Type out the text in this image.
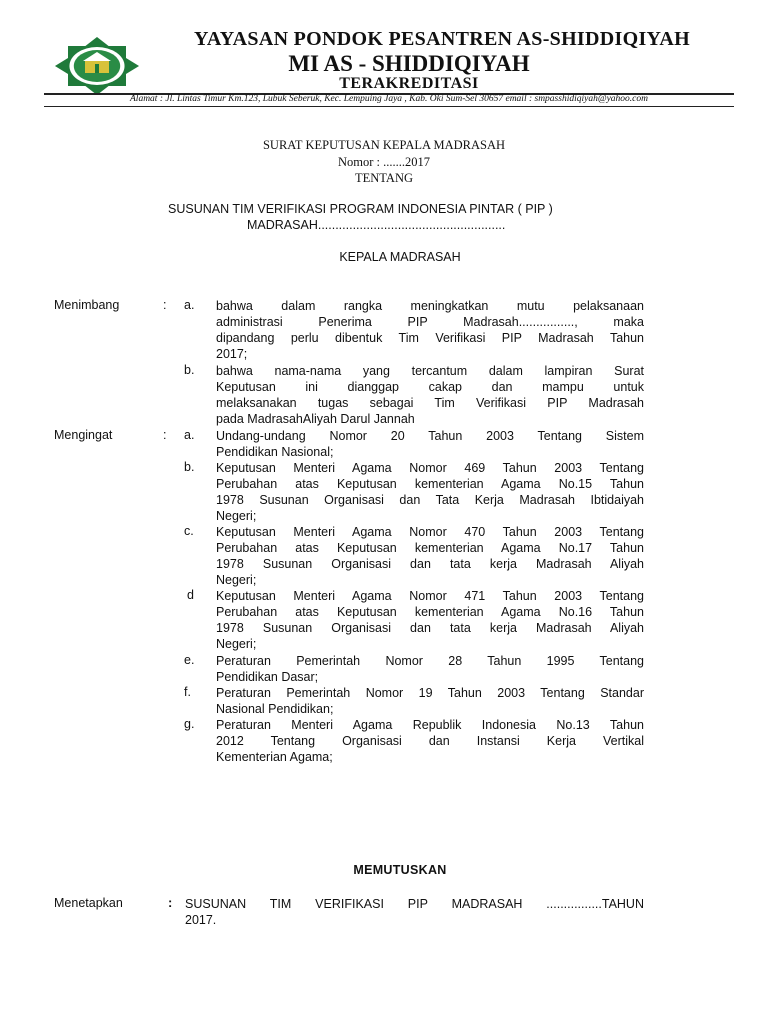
YAYASAN PONDOK PESANTREN AS-SHIDDIQIYAH
MI AS - SHIDDIQIYAH
TERAKREDITASI
Alamat : Jl. Lintas Timur Km.123, Lubuk Seberuk, Kec. Lempuing Jaya , Kab. Oki Sum-Sel 30657 email : smpasshidiqiyah@yahoo.com
SURAT KEPUTUSAN KEPALA MADRASAH
Nomor : .......2017
TENTANG
SUSUNAN TIM VERIFIKASI PROGRAM INDONESIA PINTAR ( PIP )
MADRASAH......................................................
KEPALA MADRASAH
Menimbang	: a. bahwa dalam rangka meningkatkan mutu pelaksanaan
administrasi Penerima PIP Madrasah................, maka
dipandang perlu dibentuk Tim Verifikasi PIP Madrasah Tahun
2017;
b. bahwa nama-nama yang tercantum dalam lampiran Surat
Keputusan ini dianggap cakap dan mampu untuk
melaksanakan tugas sebagai Tim Verifikasi PIP Madrasah
pada MadrasahAliyah Darul Jannah
Mengingat	: a. Undang-undang Nomor 20 Tahun 2003 Tentang Sistem
Pendidikan Nasional;
b. Keputusan Menteri Agama Nomor 469 Tahun 2003 Tentang
Perubahan atas Keputusan kementerian Agama No.15 Tahun
1978 Susunan Organisasi dan Tata Kerja Madrasah Ibtidaiyah
Negeri;
c. Keputusan Menteri Agama Nomor 470 Tahun 2003 Tentang
Perubahan atas Keputusan kementerian Agama No.17 Tahun
1978 Susunan Organisasi dan tata kerja Madrasah Aliyah
Negeri;
d Keputusan Menteri Agama Nomor 471 Tahun 2003 Tentang
Perubahan atas Keputusan kementerian Agama No.16 Tahun
1978 Susunan Organisasi dan tata kerja Madrasah Aliyah
Negeri;
e. Peraturan Pemerintah Nomor 28 Tahun 1995 Tentang
Pendidikan Dasar;
f. Peraturan Pemerintah Nomor 19 Tahun 2003 Tentang Standar
Nasional Pendidikan;
g. Peraturan Menteri Agama Republik Indonesia No.13 Tahun
2012 Tentang Organisasi dan Instansi Kerja Vertikal
Kementerian Agama;
MEMUTUSKAN
Menetapkan	: SUSUNAN TIM VERIFIKASI PIP MADRASAH ................TAHUN
2017.
